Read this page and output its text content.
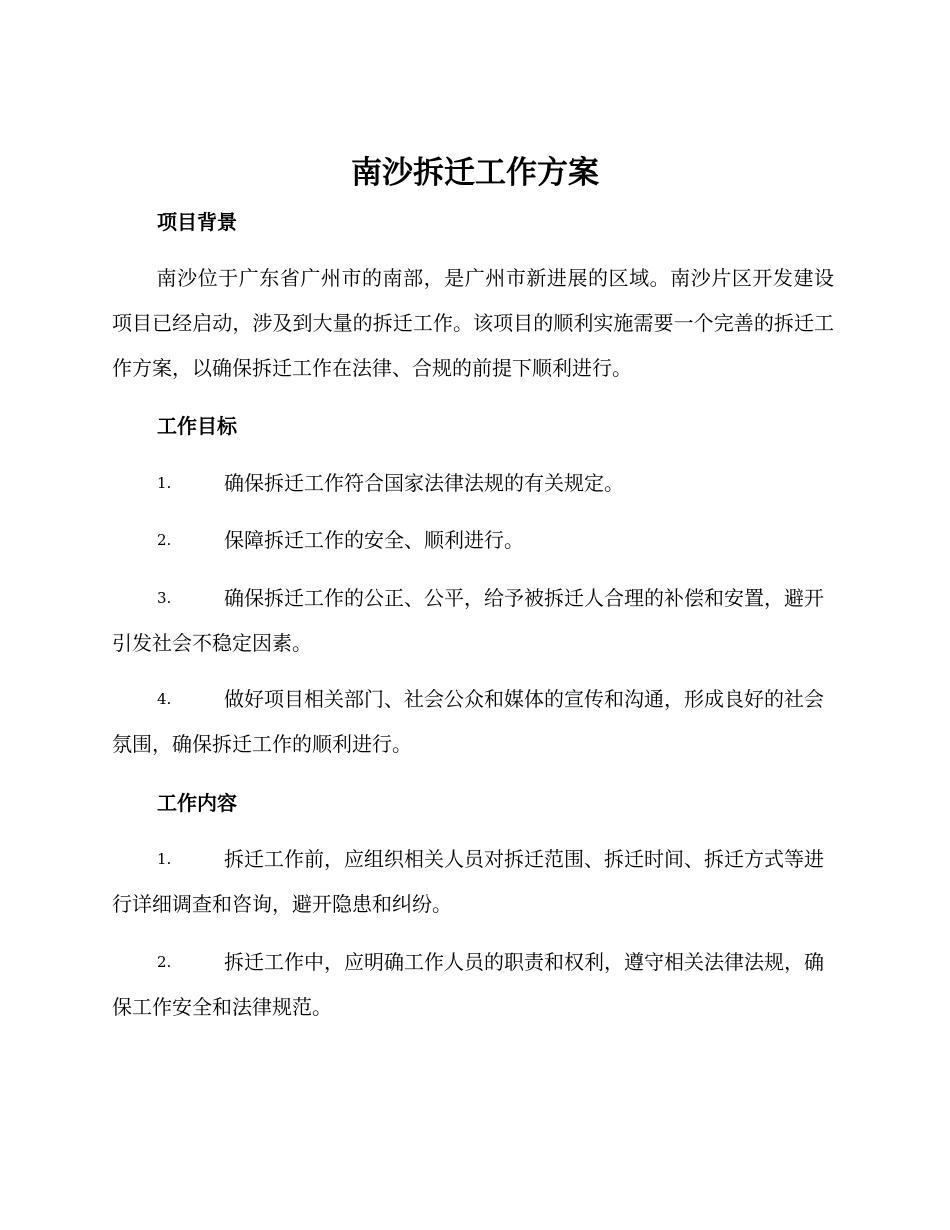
南沙拆迁工作方案
项目背景

南沙位于广东省广州市的南部，是广州市新进展的区域。南沙片区开发建设项目已经启动，涉及到大量的拆迁工作。该项目的顺利实施需要一个完善的拆迁工作方案，以确保拆迁工作在法律、合规的前提下顺利进行。

工作目标

1.	确保拆迁工作符合国家法律法规的有关规定。

2.	保障拆迁工作的安全、顺利进行。

3.	确保拆迁工作的公正、公平，给予被拆迁人合理的补偿和安置，避开引发社会不稳定因素。

4.	做好项目相关部门、社会公众和媒体的宣传和沟通，形成良好的社会氛围，确保拆迁工作的顺利进行。

工作内容

1.	拆迁工作前，应组织相关人员对拆迁范围、拆迁时间、拆迁方式等进行详细调查和咨询，避开隐患和纠纷。

2.	拆迁工作中，应明确工作人员的职责和权利，遵守相关法律法规，确保工作安全和法律规范。
